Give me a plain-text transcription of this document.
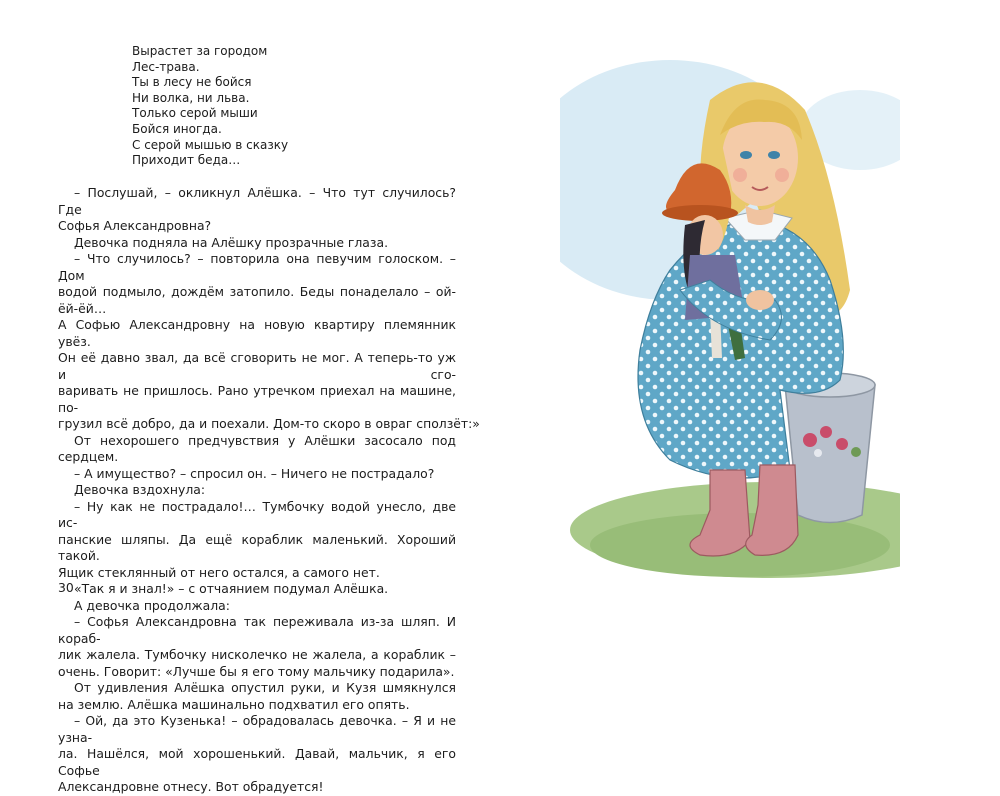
Вырастет за городом
Лес-трава.
Ты в лесу не бойся
Ни волка, ни льва.
Только серой мыши
Бойся иногда.
С серой мышью в сказку
Приходит беда…
– Послушай, – окликнул Алёшка. – Что тут случилось? Где
Софья Александровна?
Девочка подняла на Алёшку прозрачные глаза.
– Что случилось? – повторила она певучим голоском. – Дом
водой подмыло, дождём затопило. Беды понаделало – ой-ёй-ёй…
А Софью Александровну на новую квартиру племянник увёз.
Он её давно звал, да всё сговорить не мог. А теперь-то уж и сго-
варивать не пришлось. Рано утречком приехал на машине, по-
грузил всё добро, да и поехали. Дом-то скоро в овраг сползёт:»
От нехорошего предчувствия у Алёшки засосало под сердцем.
– А имущество? – спросил он. – Ничего не пострадало?
Девочка вздохнула:
– Ну как не пострадало!… Тумбочку водой унесло, две ис-
панские шляпы. Да ещё кораблик маленький. Хороший такой.
Ящик стеклянный от него остался, а самого нет.
«Так я и знал!» – с отчаянием подумал Алёшка.
А девочка продолжала:
– Софья Александровна так переживала из-за шляп. И кораб-
лик жалела. Тумбочку нисколечко не жалела, а кораблик –
очень. Говорит: «Лучше бы я его тому мальчику подарила».
От удивления Алёшка опустил руки, и Кузя шмякнулся
на землю. Алёшка машинально подхватил его опять.
– Ой, да это Кузенька! – обрадовалась девочка. – Я и не узна-
ла. Нашёлся, мой хорошенький. Давай, мальчик, я его Софье
Александровне отнесу. Вот обрадуется!
30
